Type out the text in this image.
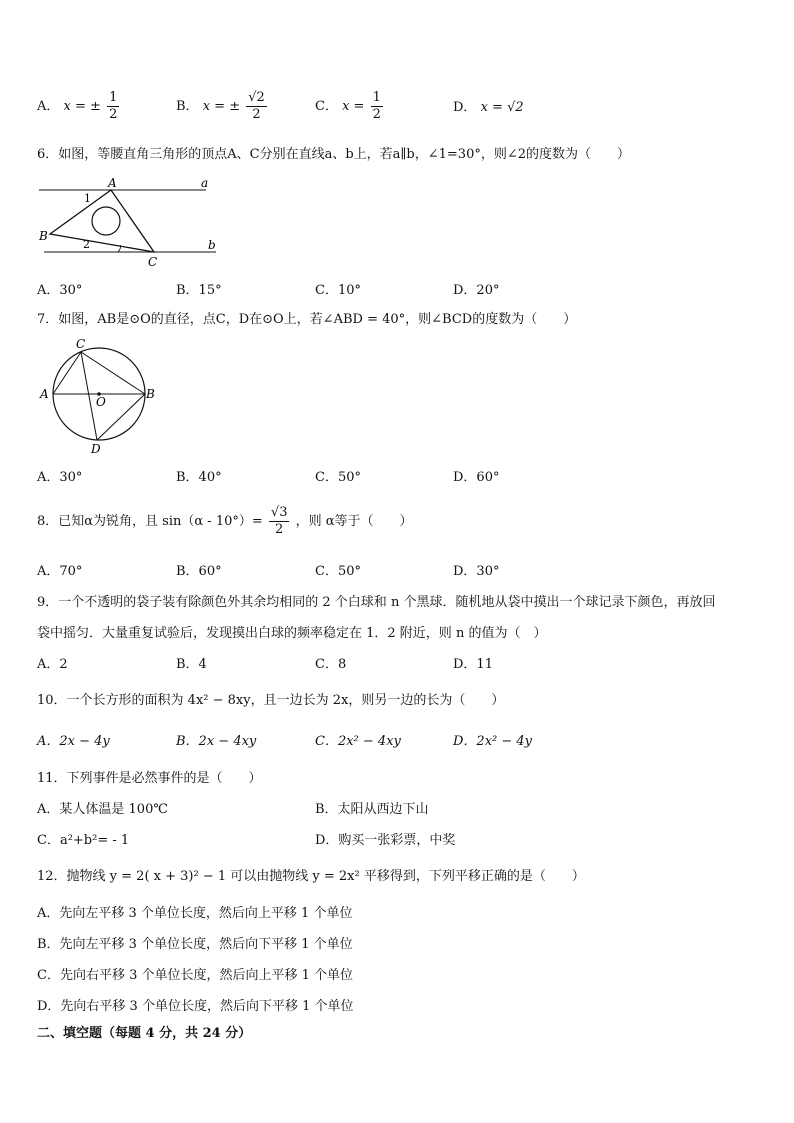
A． x = ± $\frac{1}{2}$	B． x = ± $\frac{√2}{2}$	C． $x = \frac{1}{2}$	D． x = √2
6．如图，等腰直角三角形的顶点A、C分别在直线a、b上，若a∥b，∠1=30°，则∠2的度数为（　　）
A	a
1
B
2	b
C
A．30°	B．15°	C．10°	D．20°
7．如图，AB是⊙O的直径，点C，D在⊙O上，若∠ABD = 40°，则∠BCD的度数为（　　）
C
A
O
B
D
A．30°	B．40°	C．50°	D．60°
8．已知α为锐角，且 $\sin(\alpha - 10^\circ)= \frac{√3}{2}$ ，则 α等于（　　）
A．70°	B．60°	C．50°	D．30°
9．一个不透明的袋子装有除颜色外其余均相同的 2 个白球和 n 个黑球．随机地从袋中摸出一个球记录下颜色，再放回
袋中摇匀．大量重复试验后，发现摸出白球的频率稳定在 1．2 附近，则 n 的值为（　）
A．2	B．4	C．8	D．11
10．一个长方形的面积为 4x² − 8xy，且一边长为 2x，则另一边的长为（　　）
A．2x − 4y	B．2x − 4xy	C．2x² − 4xy	D．2x² − 4y
11．下列事件是必然事件的是（　　）
A．某人体温是 100℃	B．太阳从西边下山
C．a²+b²= - 1	D．购买一张彩票，中奖
12．抛物线 y = 2( x + 3)² − 1 可以由抛物线 y = 2x² 平移得到，下列平移正确的是（　　）
A．先向左平移 3 个单位长度，然后向上平移 1 个单位
B．先向左平移 3 个单位长度，然后向下平移 1 个单位
C．先向右平移 3 个单位长度，然后向上平移 1 个单位
D．先向右平移 3 个单位长度，然后向下平移 1 个单位
二、填空题（每题 4 分，共 24 分）
